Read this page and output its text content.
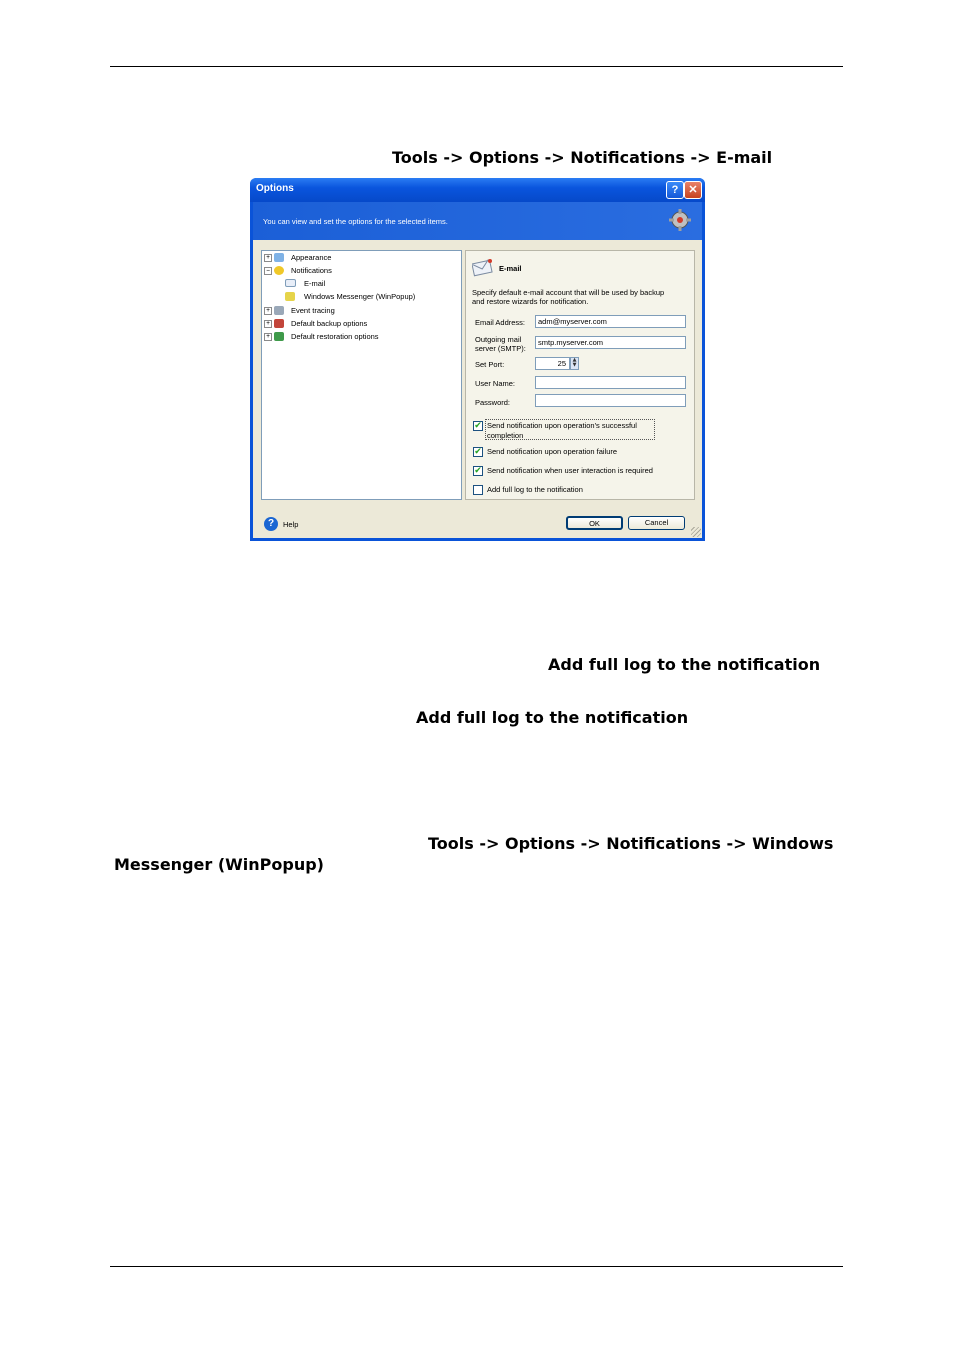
Tools -> Options -> Notifications -> E-mail
Options	? ✕
You can view and set the options for the selected items.
+	Appearance
−	Notifications
E-mail
Windows Messenger (WinPopup)
+	Event tracing
+	Default backup options
+	Default restoration options
E-mail
Specify default e-mail account that will be used by backup
and restore wizards for notification.
Email Address:	adm@myserver.com
Outgoing mail
server (SMTP):
smtp.myserver.com
Set Port:	25	▲
▼
User Name:
Password:
✔ Send notification upon operation's successful
completion
✔ Send notification upon operation failure
✔ Send notification when user interaction is required
Add full log to the notification
?	Help	OK	Cancel
Add full log to the notification
Add full log to the notification
Tools -> Options -> Notifications -> Windows
Messenger (WinPopup)
